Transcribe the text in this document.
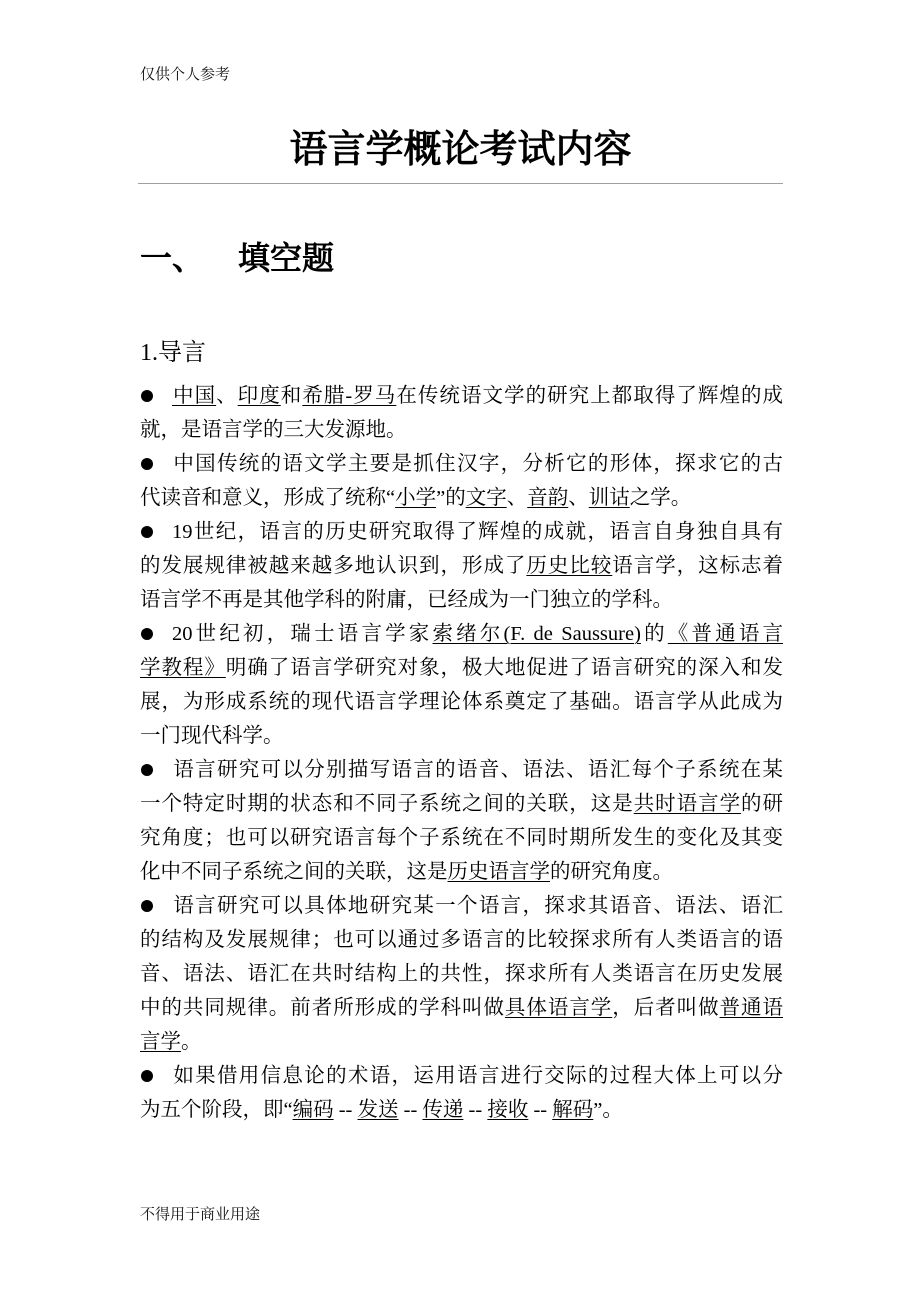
仅供个人参考
语言学概论考试内容
一、 填空题
1.导言
中国、印度和希腊-罗马在传统语文学的研究上都取得了辉煌的成
就，是语言学的三大发源地。
中国传统的语文学主要是抓住汉字，分析它的形体，探求它的古
代读音和意义，形成了统称“小学”的文字、音韵、训诂之学。
19世纪，语言的历史研究取得了辉煌的成就，语言自身独自具有
的发展规律被越来越多地认识到，形成了历史比较语言学，这标志着
语言学不再是其他学科的附庸，已经成为一门独立的学科。
20世纪初，瑞士语言学家索绪尔(F. de Saussure)的《普通语言
学教程》明确了语言学研究对象，极大地促进了语言研究的深入和发
展，为形成系统的现代语言学理论体系奠定了基础。语言学从此成为
一门现代科学。
语言研究可以分别描写语言的语音、语法、语汇每个子系统在某
一个特定时期的状态和不同子系统之间的关联，这是共时语言学的研
究角度；也可以研究语言每个子系统在不同时期所发生的变化及其变
化中不同子系统之间的关联，这是历史语言学的研究角度。
语言研究可以具体地研究某一个语言，探求其语音、语法、语汇
的结构及发展规律；也可以通过多语言的比较探求所有人类语言的语
音、语法、语汇在共时结构上的共性，探求所有人类语言在历史发展
中的共同规律。前者所形成的学科叫做具体语言学，后者叫做普通语
言学。
如果借用信息论的术语，运用语言进行交际的过程大体上可以分
为五个阶段，即“编码 -- 发送 -- 传递 -- 接收 -- 解码”。
不得用于商业用途
